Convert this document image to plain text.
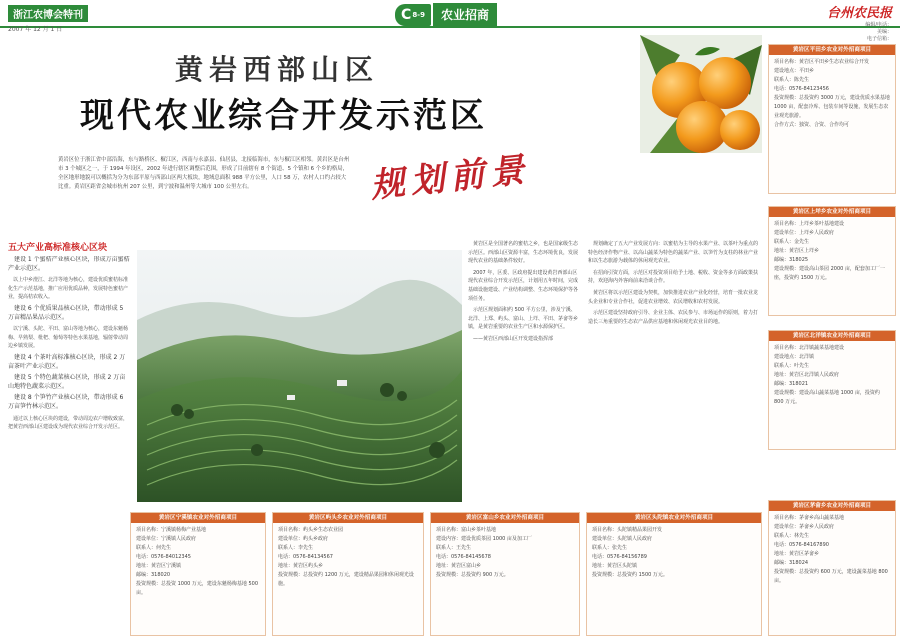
浙江农博会特刊
2007 年 12 月 1 日
C 8-9	农业招商	台州农民报
编辑/电话：
美编：
电子信箱：
黄岩西部山区
现代农业综合开发示范区
黄岩区位于浙江省中部沿海，东与路桥区、椒江区，西南与永嘉县、仙居县，北接临海市，东与椒江区相邻。黄岩区是台州市 3 个城区之一，于 1994 年设区，2002 年进行辖区调整后范围，形成了目前辖有 8 个街道、5 个镇和 6 个乡的格局，全区地形地貌可以概括为分为东部平原与西部山区两大板块，地域总面积 988 平方公里，人口 58 万，农村人口约占较大比重。黄岩区距省会城市杭州 207 公里，到宁波和温州等大城市 100 公里左右。	规划前景
五大产业高标准核心区块

建设 1 个蜜桔产业核心区块，形成万亩蜜桔产业示范区。

以上中乡澄江、北洋等地为核心，建设优质蜜桔标准化生产示范基地，推广应用优质品种，发展特色蜜桔产业，提高桔农收入。

建设 6 个优质果品核心区块，带动形成 5 万亩精品果品示范区。

以宁溪、头陀、平田、富山等地为核心，建设东魁杨梅、早熟梨、枇杷、葡萄等特色水果基地，辐射带动周边乡镇发展。

建设 4 个茶叶高标准核心区块，形成 2 万亩茶叶产业示范区。

建设 5 个特色蔬菜核心区块，形成 2 万亩山地特色蔬菜示范区。

建设 8 个笋竹产业核心区块，带动形成 6 万亩笋竹林示范区。

通过以上核心区块的建设，带动周边农户增收致富，把黄岩西部山区建设成为现代农业综合开发示范区。

黄岩区是全国著名的蜜桔之乡，也是国家级生态示范区。西部山区资源丰富，生态环境优良，发展现代农业的基础条件较好。

2007 年，区委、区政府提出建设黄岩西部山区现代农业综合开发示范区，计划用五年时间，完成基础设施建设、产业结构调整、生态环境保护等各项任务。

示范区规划面积约 500 平方公里，涉及宁溪、北洋、上郑、屿头、富山、上垟、平田、茅畲等乡镇，是黄岩重要的农业生产区和水源保护区。

——黄岩区西部山区开发建设指挥部

规划确定了五大产业发展方向：以蜜桔为主导的水果产业、以茶叶为重点的特色经济作物产业、以高山蔬菜为特色的蔬菜产业、以笋竹为支柱的林业产业和以生态旅游为载体的休闲观光农业。

在招商引资方面，示范区对投资项目给予土地、税收、资金等多方面政策扶持，欢迎海内外客商前来洽谈合作。

黄岩区将以示范区建设为契机，加快推进农业产业化经营，培育一批农业龙头企业和专业合作社，促进农业增效、农民增收和农村发展。

示范区建设坚持政府引导、企业主体、农民参与、市场运作的原则，着力打造长三角重要的生态农产品供应基地和休闲观光农业目的地。

黄岩区平田乡农业对外招商项目
项目名称：黄岩区平田乡生态农业综合开发
建设地点：平田乡
联系人：陈先生
电话：0576-84123456
投资规模：总投资约 3000 万元，建设优质水果基地 1000 亩，配套冷库、包装车间等设施，发展生态农业观光旅游。
合作方式：独资、合资、合作均可
黄岩区上垟乡农业对外招商项目
项目名称：上垟乡茶叶基地建设
建设单位：上垟乡人民政府
联系人：金先生
地址：黄岩区上垟乡
邮编：318025
建设规模：建设高山茶园 2000 亩，配套加工厂一座，投资约 1500 万元。
黄岩区北洋镇农业对外招商项目
项目名称：北洋镇蔬菜基地建设
建设地点：北洋镇
联系人：叶先生
地址：黄岩区北洋镇人民政府
邮编：318021
建设规模：建设高山蔬菜基地 1000 亩，投资约 800 万元。
黄岩区宁溪镇农业对外招商项目
项目名称：宁溪镇杨梅产业基地
建设单位：宁溪镇人民政府
联系人：何先生
电话：0576-84012345
地址：黄岩区宁溪镇
邮编：318020
投资规模：总投资 1000 万元，建设东魁杨梅基地 500 亩。
黄岩区屿头乡农业对外招商项目
项目名称：屿头乡生态农业园
建设单位：屿头乡政府
联系人：李先生
电话：0576-84134567
地址：黄岩区屿头乡
投资规模：总投资约 1200 万元，建设精品果园和休闲观光设施。
黄岩区富山乡农业对外招商项目
项目名称：富山乡茶叶基地
建设内容：建设优质茶园 1000 亩及加工厂
联系人：王先生
电话：0576-84145678
地址：黄岩区富山乡
投资规模：总投资约 900 万元。
黄岩区头陀镇农业对外招商项目
项目名称：头陀镇精品果园开发
建设单位：头陀镇人民政府
联系人：张先生
电话：0576-84156789
地址：黄岩区头陀镇
投资规模：总投资约 1500 万元。
黄岩区茅畲乡农业对外招商项目
项目名称：茅畲乡高山蔬菜基地
建设单位：茅畲乡人民政府
联系人：林先生
电话：0576-84167890
地址：黄岩区茅畲乡
邮编：318024
投资规模：总投资约 600 万元，建设蔬菜基地 800 亩。
